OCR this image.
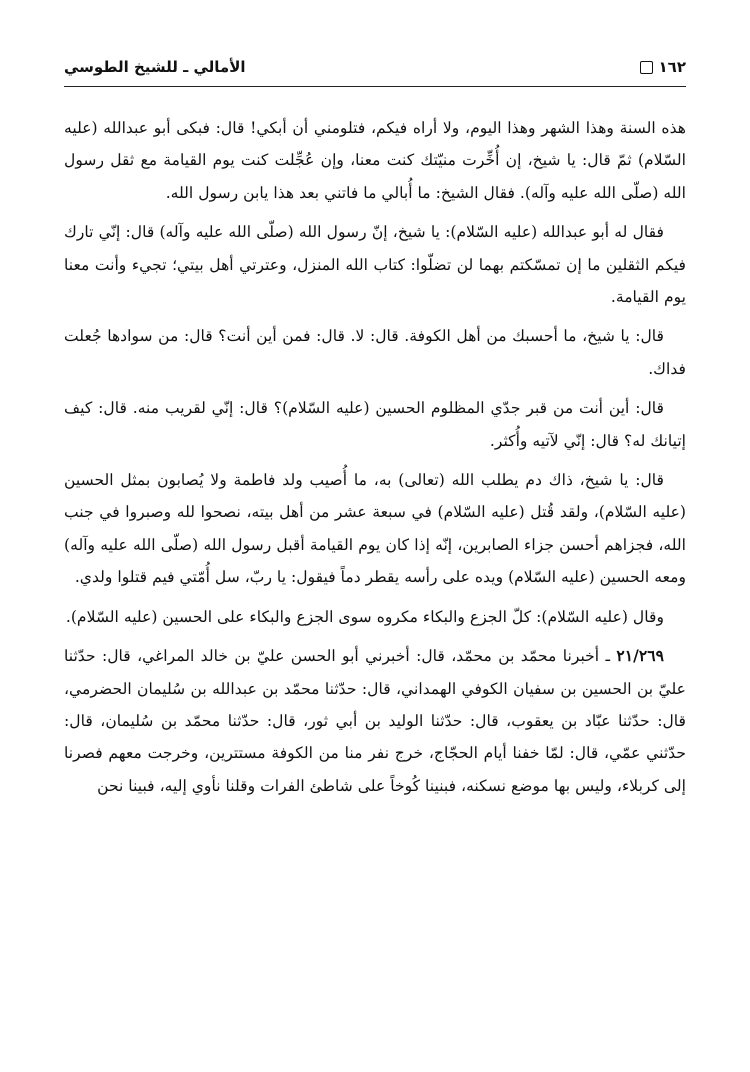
١٦٢
الأمالي ـ للشيخ الطوسي

هذه السنة وهذا الشهر وهذا اليوم، ولا أراه فيكم، فتلومني أن أبكي! قال: فبكى أبو عبدالله (عليه السّلام) ثمّ قال: يا شيخ، إن أُخِّرت منيّتك كنت معنا، وإن عُجِّلت كنت يوم القيامة مع ثقل رسول الله (صلّى الله عليه وآله). فقال الشيخ: ما أُبالي ما فاتني بعد هذا يابن رسول الله.

فقال له أبو عبدالله (عليه السّلام): يا شيخ، إنّ رسول الله (صلّى الله عليه وآله) قال: إنّي تارك فيكم الثقلين ما إن تمسّكتم بهما لن تضلّوا: كتاب الله المنزل، وعترتي أهل بيتي؛ تجيء وأنت معنا يوم القيامة.

قال: يا شيخ، ما أحسبك من أهل الكوفة. قال: لا. قال: فمن أين أنت؟ قال: من سوادها جُعلت فداك.

قال: أين أنت من قبر جدّي المظلوم الحسين (عليه السّلام)؟ قال: إنّي لقريب منه. قال: كيف إتيانك له؟ قال: إنّي لآتيه وأُكثر.

قال: يا شيخ، ذاك دم يطلب الله (تعالى) به، ما أُصيب ولد فاطمة ولا يُصابون بمثل الحسين (عليه السّلام)، ولقد قُتل (عليه السّلام) في سبعة عشر من أهل بيته، نصحوا لله وصبروا في جنب الله، فجزاهم أحسن جزاء الصابرين، إنّه إذا كان يوم القيامة أقبل رسول الله (صلّى الله عليه وآله) ومعه الحسين (عليه السّلام) ويده على رأسه يقطر دماً فيقول: يا ربّ، سل أُمّتي فيم قتلوا ولدي.

وقال (عليه السّلام): كلّ الجزع والبكاء مكروه سوى الجزع والبكاء على الحسين (عليه السّلام).

٢١/٢٦٩ ـ أخبرنا محمّد بن محمّد، قال: أخبرني أبو الحسن عليّ بن خالد المراغي، قال: حدّثنا عليّ بن الحسين بن سفيان الكوفي الهمداني، قال: حدّثنا محمّد بن عبدالله بن سُليمان الحضرمي، قال: حدّثنا عبّاد بن يعقوب، قال: حدّثنا الوليد بن أبي ثور، قال: حدّثنا محمّد بن سُليمان، قال: حدّثني عمّي، قال: لمّا خفنا أيام الحجّاج، خرج نفر منا من الكوفة مستترين، وخرجت معهم فصرنا إلى كربلاء، وليس بها موضع نسكنه، فبنينا كُوخاً على شاطئ الفرات وقلنا نأوي إليه، فبينا نحن
